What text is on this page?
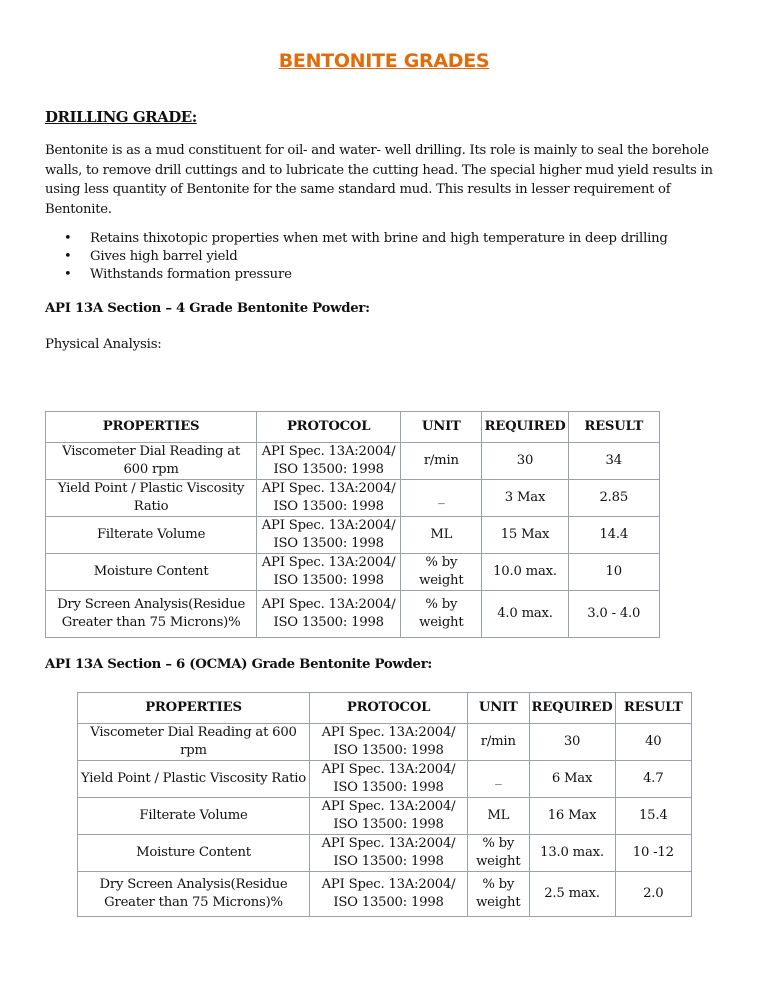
BENTONITE GRADES
DRILLING GRADE:
Bentonite is as a mud constituent for oil- and water- well drilling. Its role is mainly to seal the borehole walls, to remove drill cuttings and to lubricate the cutting head. The special higher mud yield results in using less quantity of Bentonite for the same standard mud. This results in lesser requirement of Bentonite.
• Retains thixotopic properties when met with brine and high temperature in deep drilling
• Gives high barrel yield
• Withstands formation pressure
API 13A Section – 4 Grade Bentonite Powder:
Physical Analysis:
PROPERTIES	PROTOCOL	UNIT	REQUIRED	RESULT
Viscometer Dial Reading at 600 rpm	API Spec. 13A:2004/ ISO 13500: 1998	r/min	30	34
Yield Point / Plastic Viscosity Ratio	API Spec. 13A:2004/ ISO 13500: 1998	_	3 Max	2.85
Filterate Volume	API Spec. 13A:2004/ ISO 13500: 1998	ML	15 Max	14.4
Moisture Content	API Spec. 13A:2004/ ISO 13500: 1998	% by weight	10.0 max.	10
Dry Screen Analysis(Residue Greater than 75 Microns)%	API Spec. 13A:2004/ ISO 13500: 1998	% by weight	4.0 max.	3.0 - 4.0
API 13A Section – 6 (OCMA) Grade Bentonite Powder:
PROPERTIES	PROTOCOL	UNIT	REQUIRED	RESULT
Viscometer Dial Reading at 600 rpm	API Spec. 13A:2004/ ISO 13500: 1998	r/min	30	40
Yield Point / Plastic Viscosity Ratio	API Spec. 13A:2004/ ISO 13500: 1998	_	6 Max	4.7
Filterate Volume	API Spec. 13A:2004/ ISO 13500: 1998	ML	16 Max	15.4
Moisture Content	API Spec. 13A:2004/ ISO 13500: 1998	% by weight	13.0 max.	10 -12
Dry Screen Analysis(Residue Greater than 75 Microns)%	API Spec. 13A:2004/ ISO 13500: 1998	% by weight	2.5 max.	2.0
